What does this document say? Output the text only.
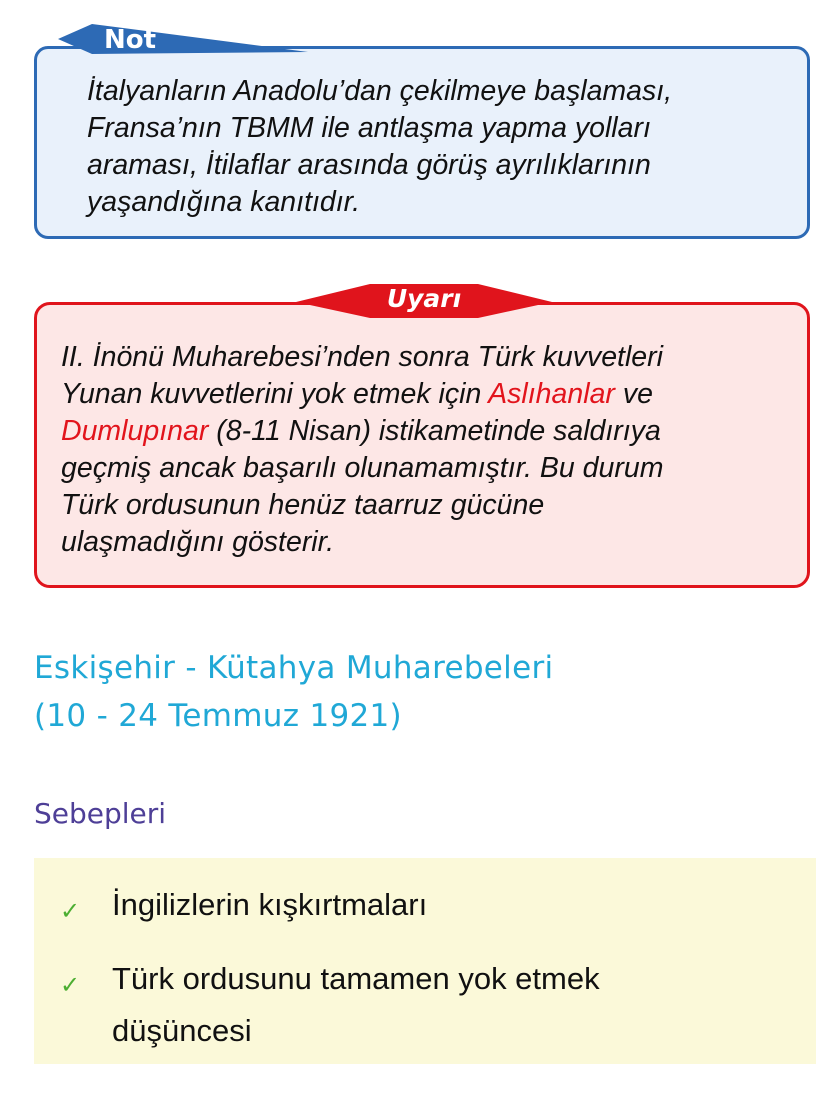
İtalyanların Anadolu’dan çekilmeye başlaması,
Fransa’nın TBMM ile antlaşma yapma yolları
araması, İtilaflar arasında görüş ayrılıklarının
yaşandığına kanıtıdır.
Not
II. İnönü Muharebesi’nden sonra Türk kuvvetleri
Yunan kuvvetlerini yok etmek için Aslıhanlar ve
Dumlupınar (8-11 Nisan) istikametinde saldırıya
geçmiş ancak başarılı olunamamıştır. Bu durum
Türk ordusunun henüz taarruz gücüne
ulaşmadığını gösterir.
Uyarı
Eskişehir - Kütahya Muharebeleri
(10 - 24 Temmuz 1921)
Sebepleri
✓ İngilizlerin kışkırtmaları
✓ Türk ordusunu tamamen yok etmek
düşüncesi
